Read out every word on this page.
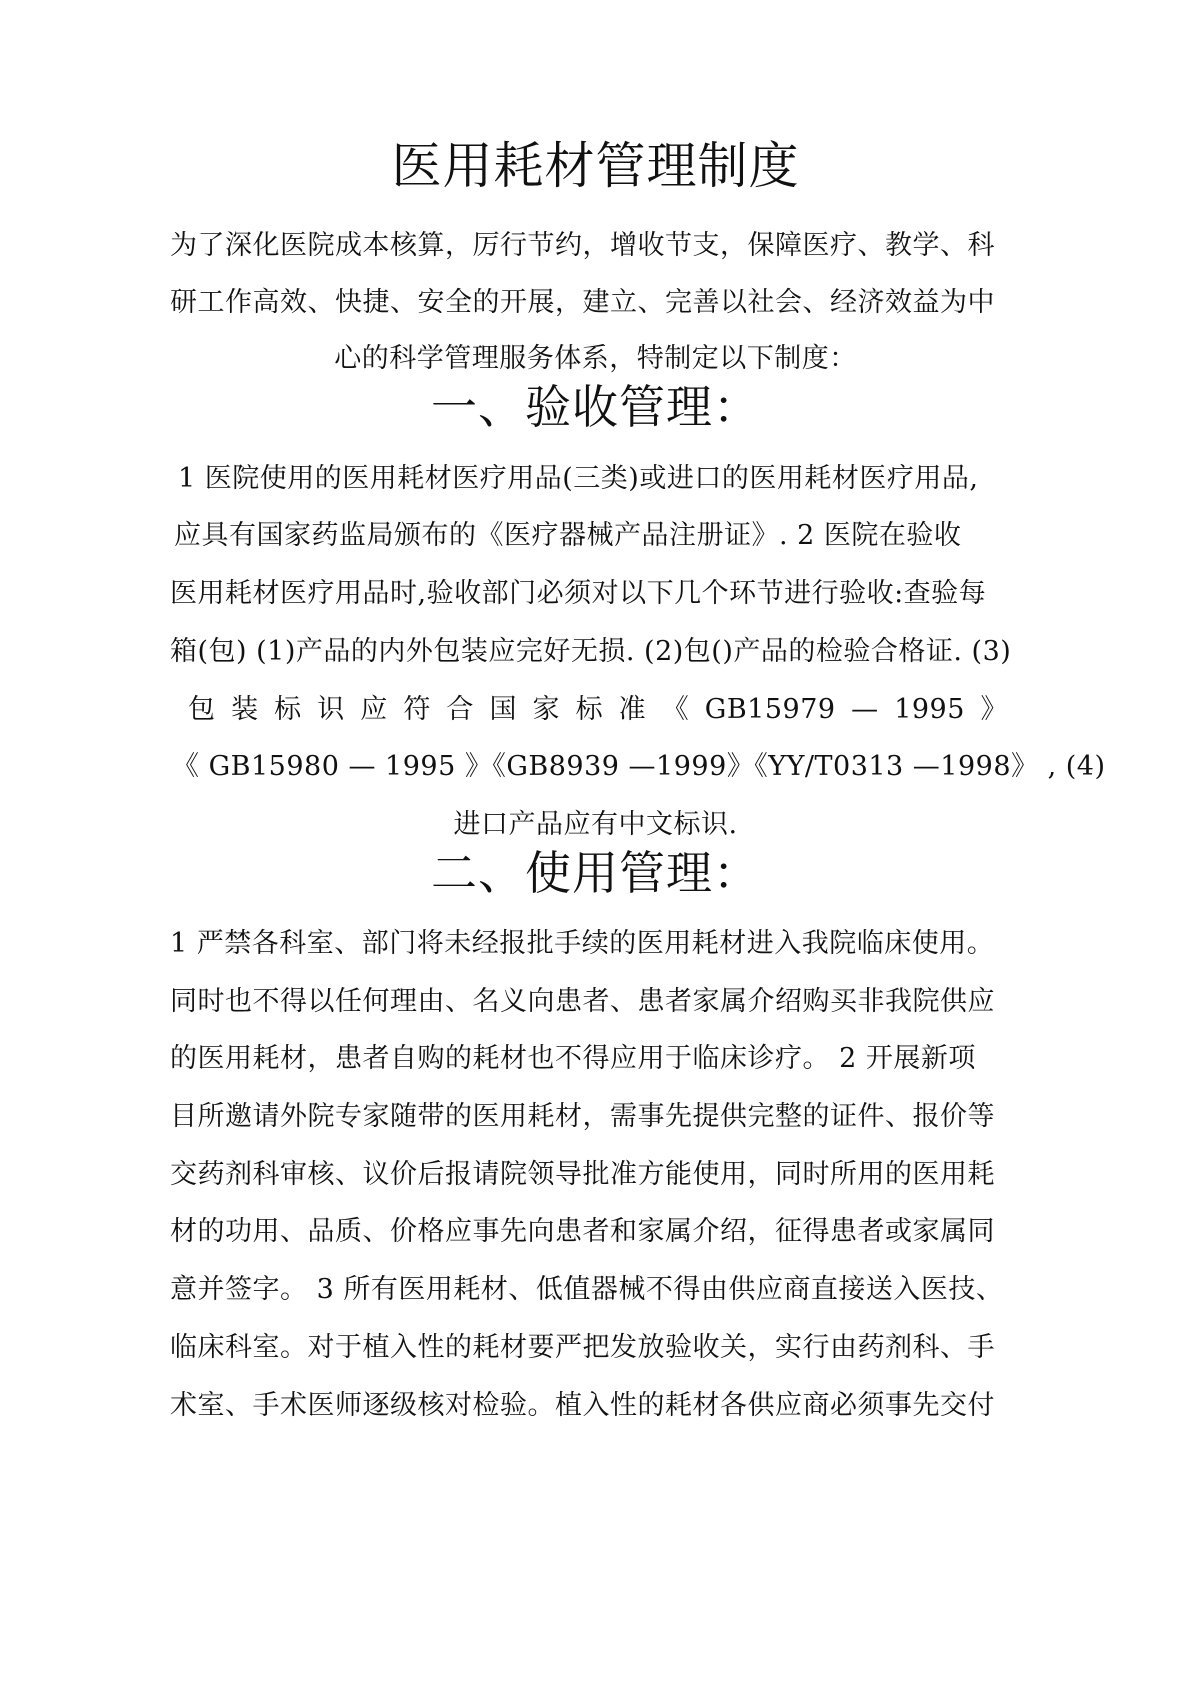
医用耗材管理制度
为了深化医院成本核算，厉行节约，增收节支，保障医疗、教学、科
研工作高效、快捷、安全的开展，建立、完善以社会、经济效益为中
心的科学管理服务体系，特制定以下制度：
一、验收管理：
1 医院使用的医用耗材医疗用品(三类)或进口的医用耗材医疗用品,
应具有国家药监局颁布的《医疗器械产品注册证》. 2 医院在验收
医用耗材医疗用品时,验收部门必须对以下几个环节进行验收:查验每
箱(包) (1)产品的内外包装应完好无损. (2)包()产品的检验合格证. (3)
包 装 标 识 应 符 合 国 家 标 准 《 GB15979 — 1995 》
《 GB15980 — 1995 》《GB8939 —1999》《YY/T0313 —1998》 , (4)
进口产品应有中文标识.
二、使用管理：
1 严禁各科室、部门将未经报批手续的医用耗材进入我院临床使用。
同时也不得以任何理由、名义向患者、患者家属介绍购买非我院供应
的医用耗材，患者自购的耗材也不得应用于临床诊疗。 2 开展新项
目所邀请外院专家随带的医用耗材，需事先提供完整的证件、报价等
交药剂科审核、议价后报请院领导批准方能使用，同时所用的医用耗
材的功用、品质、价格应事先向患者和家属介绍，征得患者或家属同
意并签字。 3 所有医用耗材、低值器械不得由供应商直接送入医技、
临床科室。对于植入性的耗材要严把发放验收关，实行由药剂科、手
术室、手术医师逐级核对检验。植入性的耗材各供应商必须事先交付
